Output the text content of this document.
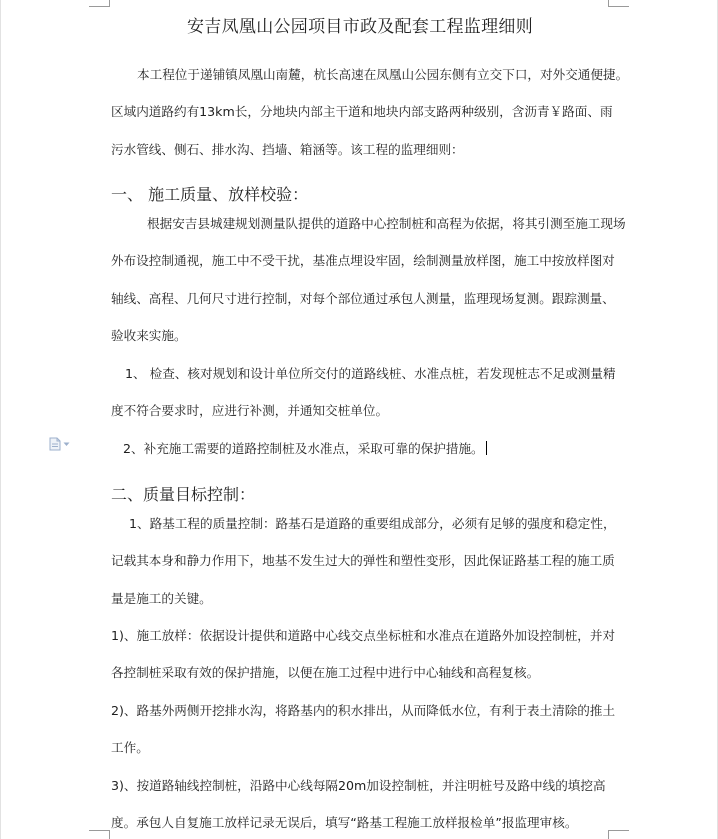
安吉凤凰山公园项目市政及配套工程监理细则
本工程位于递铺镇凤凰山南麓，杭长高速在凤凰山公园东侧有立交下口，对外交通便捷。
区域内道路约有13km长，分地块内部主干道和地块内部支路两种级别，含沥青￥路面、雨
污水管线、侧石、排水沟、挡墙、箱涵等。该工程的监理细则：
一、 施工质量、放样校验：
根据安吉县城建规划测量队提供的道路中心控制桩和高程为依据，将其引测至施工现场
外布设控制通视，施工中不受干扰，基准点埋设牢固，绘制测量放样图，施工中按放样图对
轴线、高程、几何尺寸进行控制，对每个部位通过承包人测量，监理现场复测。跟踪测量、
验收来实施。
1、 检查、核对规划和设计单位所交付的道路线桩、水准点桩，若发现桩志不足或测量精
度不符合要求时，应进行补测，并通知交桩单位。
2、补充施工需要的道路控制桩及水准点，采取可靠的保护措施。
二、质量目标控制：
1、路基工程的质量控制：路基石是道路的重要组成部分，必须有足够的强度和稳定性，
记载其本身和静力作用下，地基不发生过大的弹性和塑性变形，因此保证路基工程的施工质
量是施工的关键。
1)、施工放样：依据设计提供和道路中心线交点坐标桩和水准点在道路外加设控制桩，并对
各控制桩采取有效的保护措施，以便在施工过程中进行中心轴线和高程复核。
2)、路基外两侧开挖排水沟，将路基内的积水排出，从而降低水位，有利于表土清除的推土
工作。
3)、按道路轴线控制桩，沿路中心线每隔20m加设控制桩，并注明桩号及路中线的填挖高
度。承包人自复施工放样记录无误后，填写“路基工程施工放样报检单”报监理审核。
